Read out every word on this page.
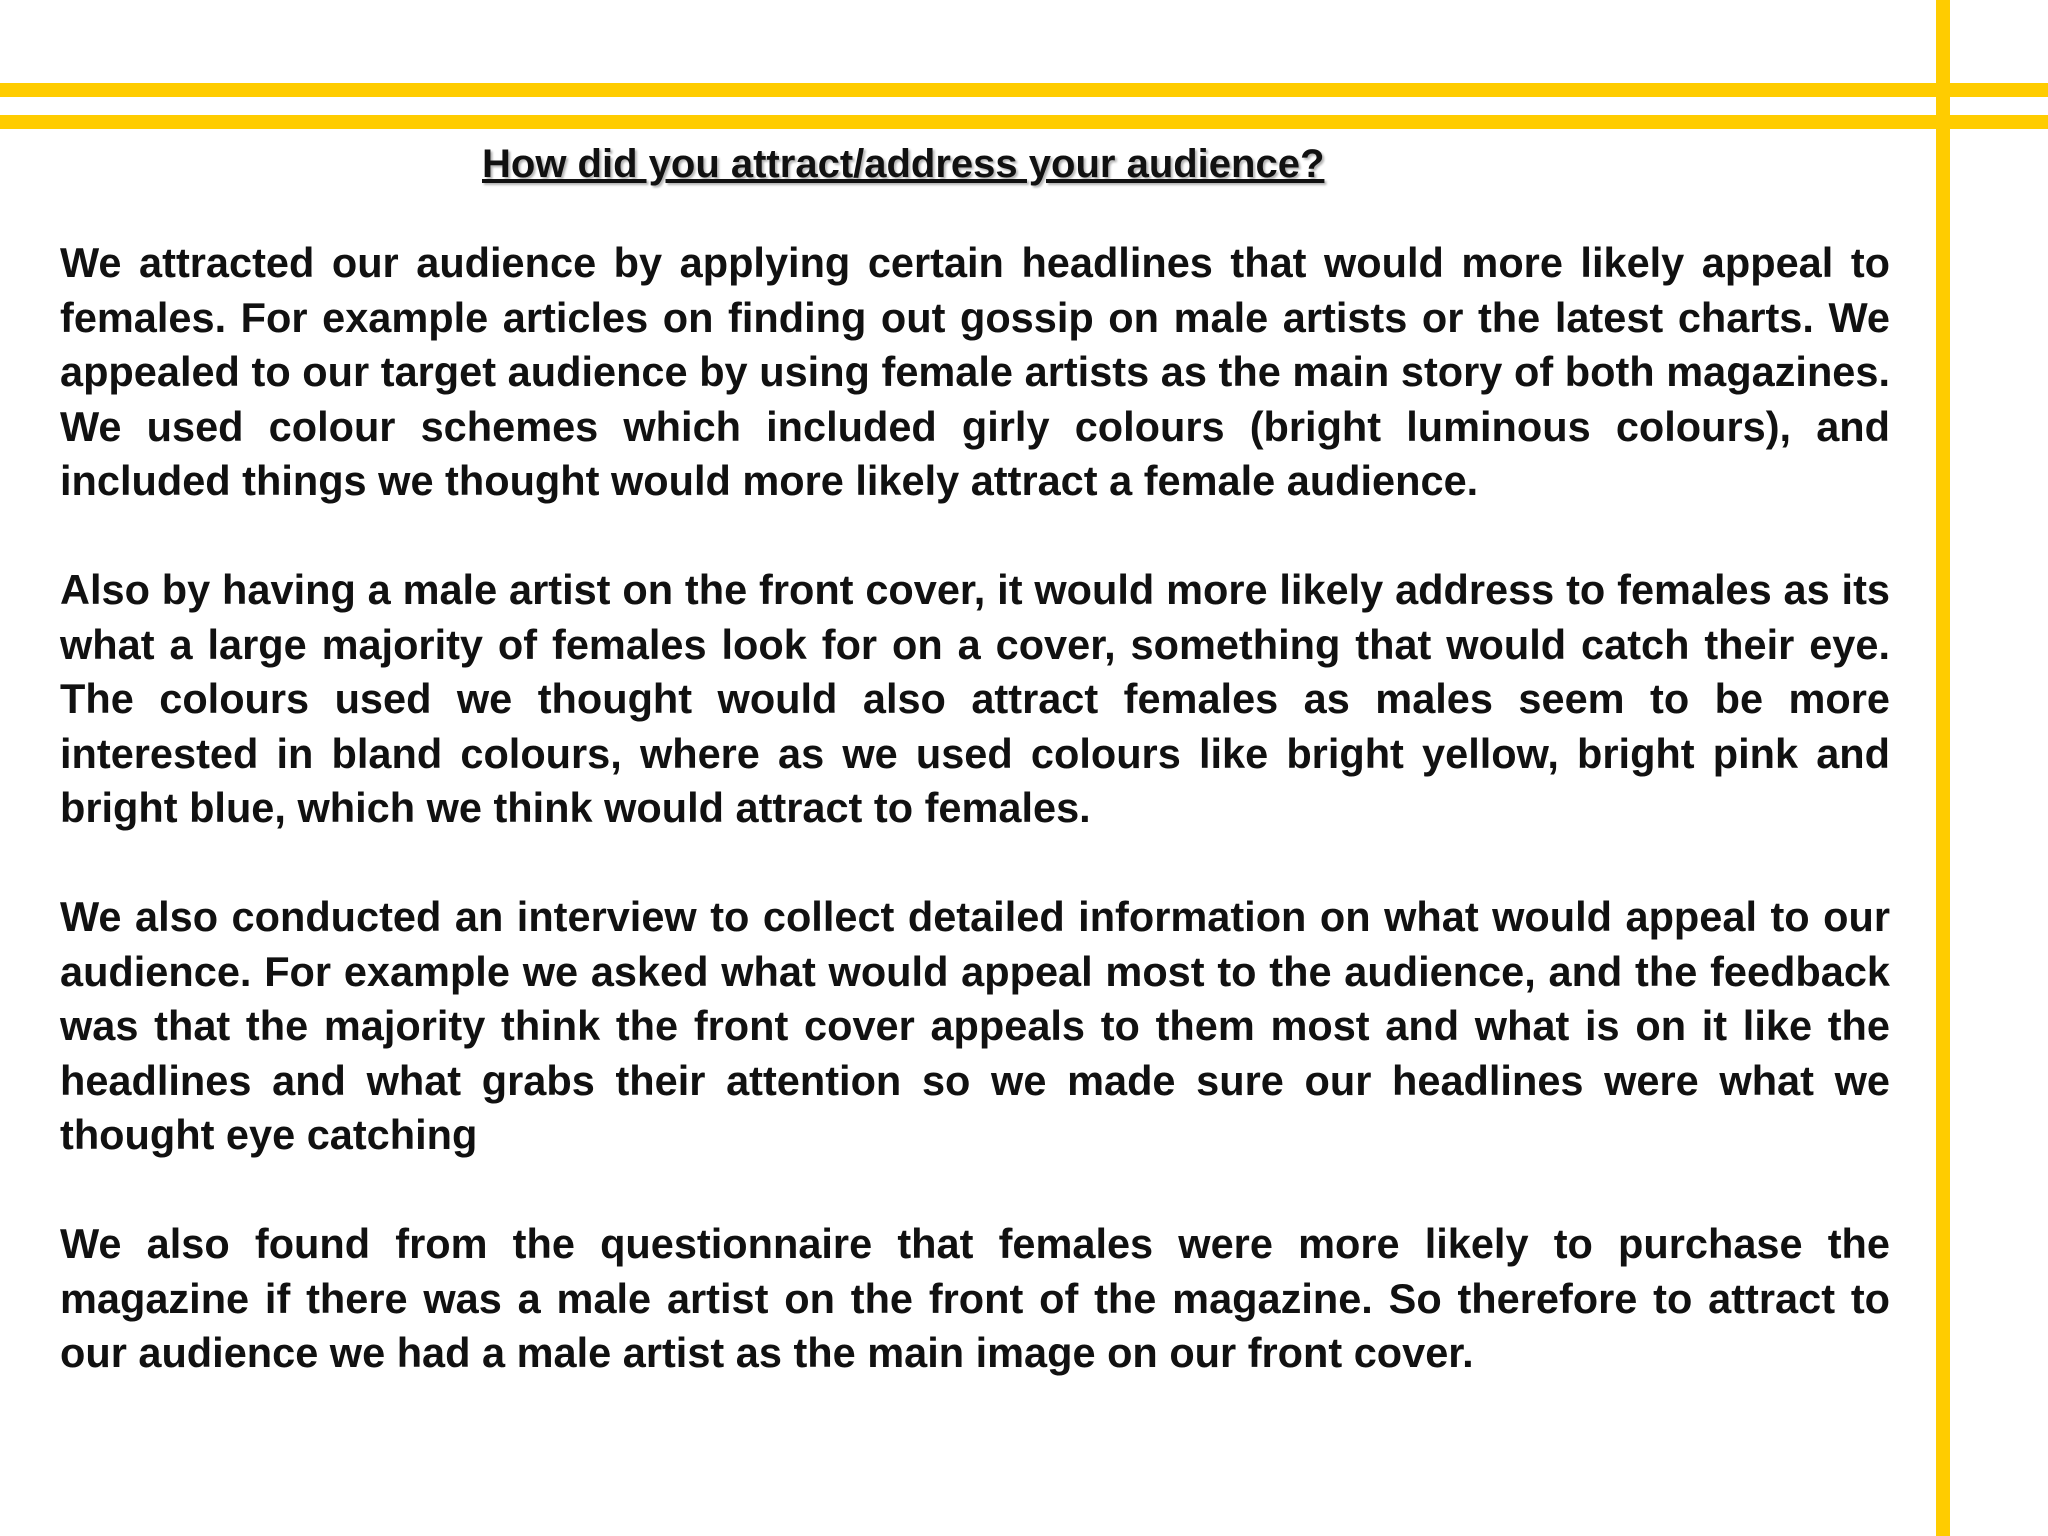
How did you attract/address your audience?

We attracted our audience by applying certain headlines that would more likely appeal to females. For example articles on finding out gossip on male artists or the latest charts. We appealed to our target audience by using female artists as the main story of both magazines. We used colour schemes which included girly colours (bright luminous colours), and included things we thought would more likely attract a female audience.

Also by having a male artist on the front cover, it would more likely address to females as its what a large majority of females look for on a cover, something that would catch their eye. The colours used we thought would also attract females as males seem to be more interested in bland colours, where as we used colours like bright yellow, bright pink and bright blue, which we think would attract to females.

We also conducted an interview to collect detailed information on what would appeal to our audience. For example we asked what would appeal most to the audience, and the feedback was that the majority think the front cover appeals to them most and what is on it like the headlines and what grabs their attention so we made sure our headlines were what we thought eye catching

We also found from the questionnaire that females were more likely to purchase the magazine if there was a male artist on the front of the magazine. So therefore to attract to our audience we had a male artist as the main image on our front cover.
